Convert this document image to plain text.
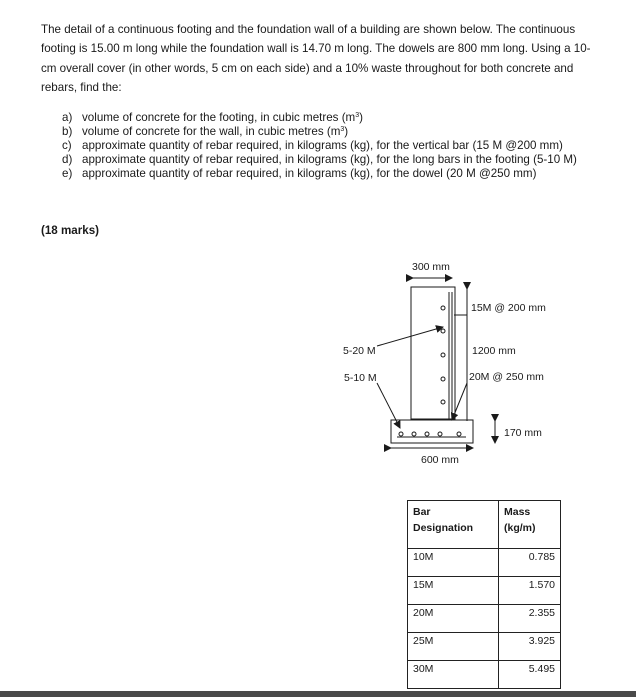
The detail of a continuous footing and the foundation wall of a building are shown below. The continuous footing is 15.00 m long while the foundation wall is 14.70 m long. The dowels are 800 mm long. Using a 10-cm overall cover (in other words, 5 cm on each side) and a 10% waste throughout for both concrete and rebars, find the:

a) volume of concrete for the footing, in cubic metres $(m^3)$
b) volume of concrete for the wall, in cubic metres $(m^3)$
c) approximate quantity of rebar required, in kilograms (kg), for the vertical bar (15 M @200 mm)
d) approximate quantity of rebar required, in kilograms (kg), for the long bars in the footing (5-10 M)
e) approximate quantity of rebar required, in kilograms (kg), for the dowel (20 M @250 mm)
(18 marks)
300 mm
15M @ 200 mm
1200 mm
5-20 M
5-10 M	20M @ 250 mm
170 mm
600 mm
Bar Designation	Mass (kg/m)
10M	0.785
15M	1.570
20M	2.355
25M	3.925
30M	5.495
